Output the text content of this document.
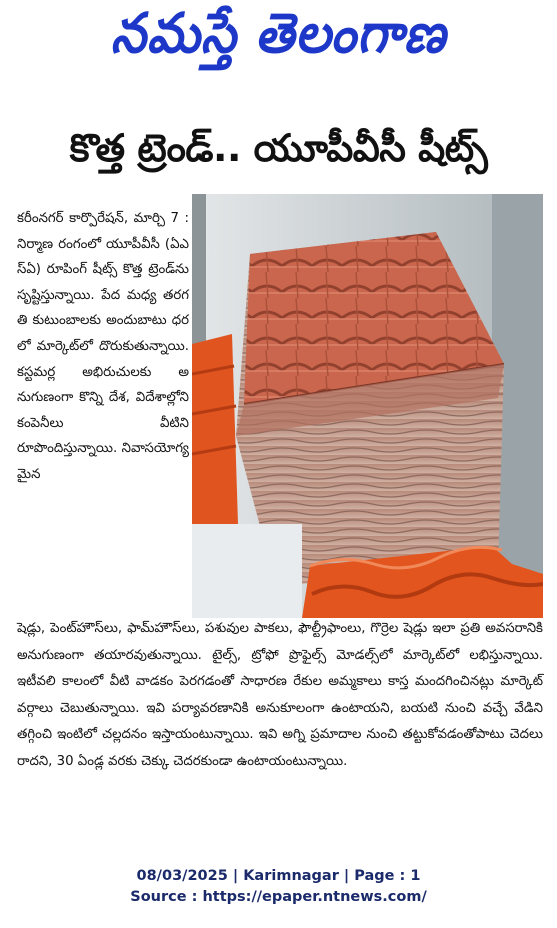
నమస్తే తెలంగాణ
కొత్త ట్రెండ్.. యూపీవీసీ షీట్స్
కరీంనగర్ కార్పొరేషన్, మార్చి 7 : నిర్మాణ రంగంలో యూపీవీసీ (ఏఎస్ఏ) రూపింగ్ షీట్స్ కొత్త ట్రెండ్‌ను సృష్టిస్తున్నాయి. పేద మధ్య తరగతి కుటుంబాలకు అందుబాటు ధరలో మార్కెట్‌లో దొరుకుతున్నాయి. కస్టమర్ల అభిరుచులకు అనుగుణంగా కొన్ని దేశ, విదేశాల్లోని కంపెనీలు వీటిని రూపొందిస్తున్నాయి. నివాసయోగ్యమైన
షెడ్లు, పెంట్‌హౌస్‌లు, ఫామ్‌హౌస్‌లు, పశువుల పాకలు, ఫౌల్ట్రీఫాంలు, గొర్రెల షెడ్లు ఇలా ప్రతి అవసరానికి అనుగుణంగా తయారవుతున్నాయి. టైల్స్, ట్రోఫో ప్రొఫైల్స్ మోడల్స్‌లో మార్కెట్‌లో లభిస్తున్నాయి. ఇటీవలి కాలంలో వీటి వాడకం పెరగడంతో సాధారణ రేకుల అమ్మకాలు కాస్త మందగించినట్లు మార్కెట్ వర్గాలు చెబుతున్నాయి. ఇవి పర్యావరణానికి అనుకూలంగా ఉంటాయని, బయటి నుంచి వచ్చే వేడిని తగ్గించి ఇంటిలో చల్లదనం ఇస్తాయంటున్నాయి. ఇవి అగ్ని ప్రమాదాల నుంచి తట్టుకోవడంతోపాటు చెదలు రాదని, 30 ఏండ్ల వరకు చెక్కు చెదరకుండా ఉంటాయంటున్నాయి.
08/03/2025 | Karimnagar | Page : 1
Source : https://epaper.ntnews.com/
